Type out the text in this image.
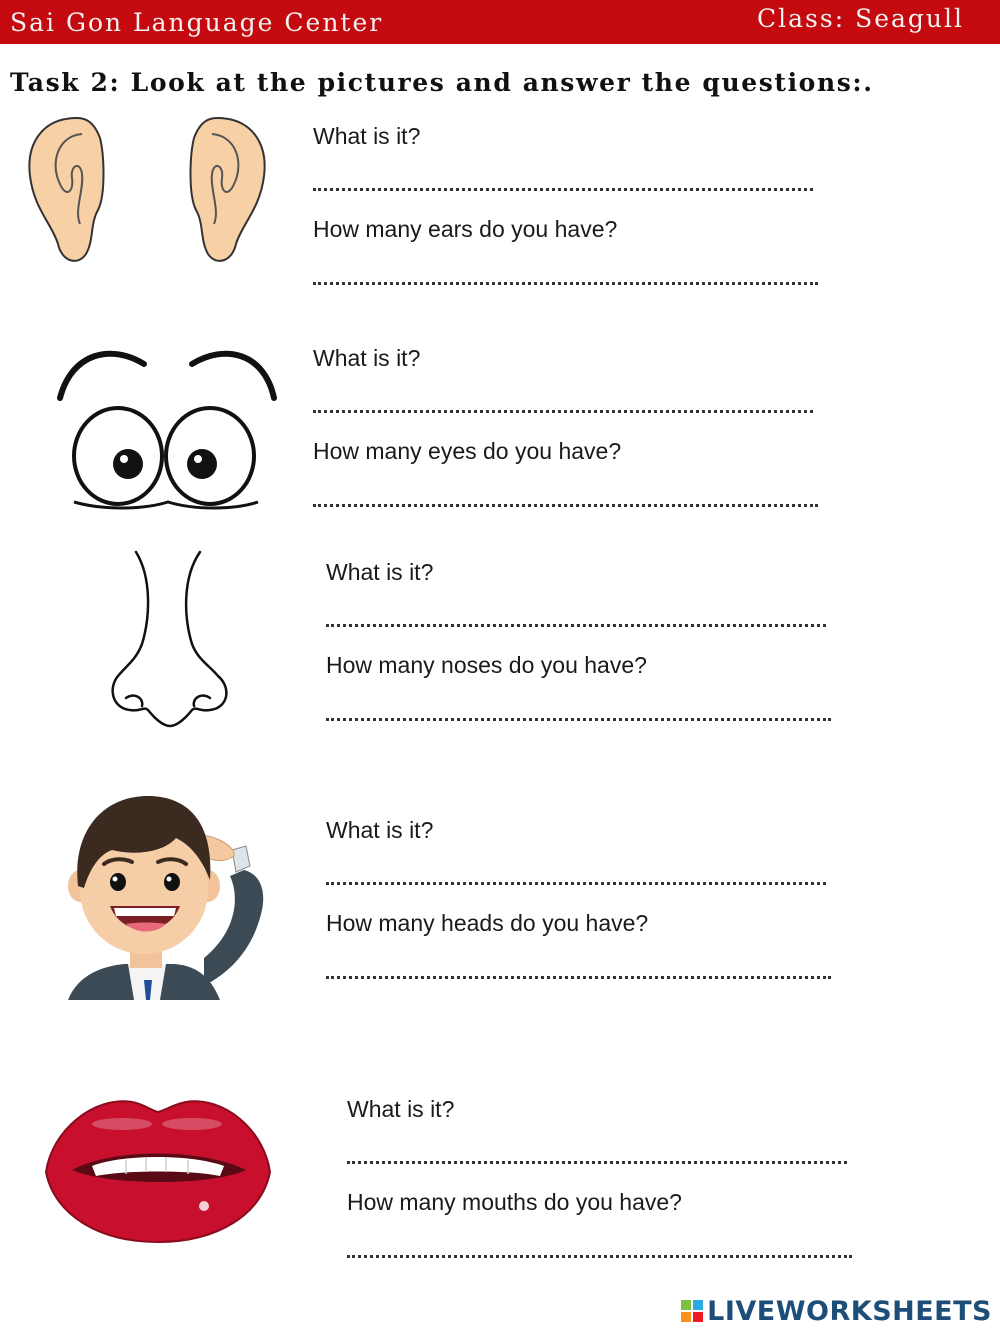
Sai Gon Language Center	Class: Seagull
Task 2: Look at the pictures and answer the questions:.
What is it?
How many ears do you have?
What is it?
How many eyes do you have?
What is it?
How many noses do you have?
What is it?
How many heads do you have?
What is it?
How many mouths do you have?
LIVEWORKSHEETS
